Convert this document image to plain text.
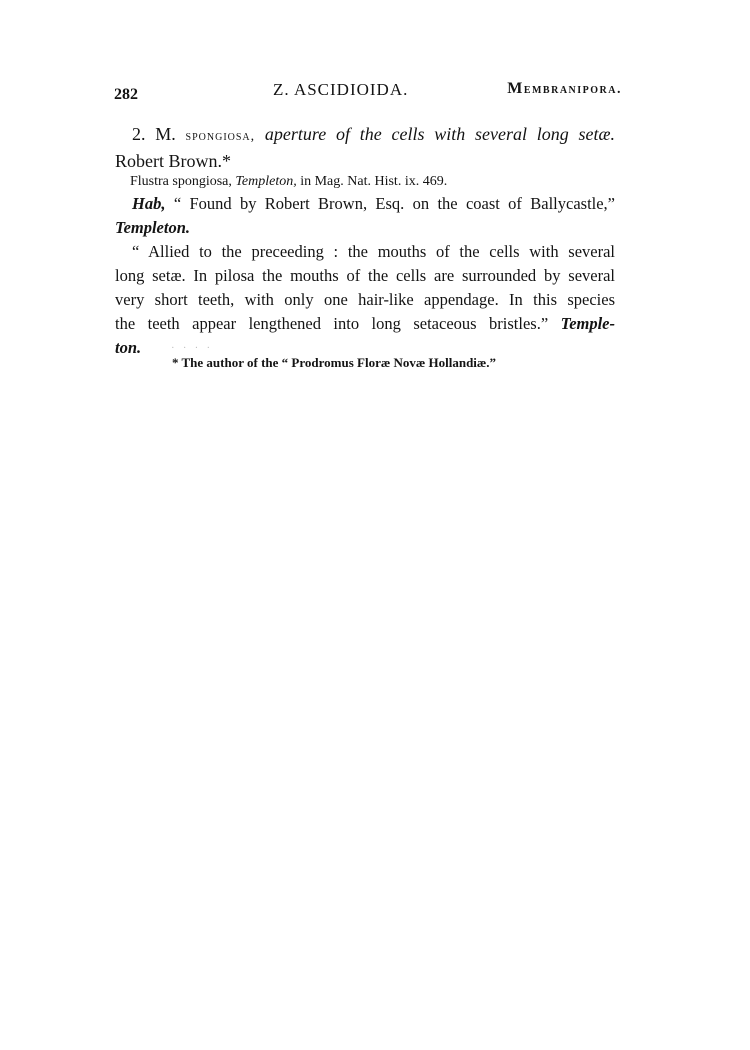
282	Z. ASCIDIOIDA.	Membranipora.

2. M. spongiosa, aperture of the cells with several long setæ.

Robert Brown.*

Flustra spongiosa, Templeton, in Mag. Nat. Hist. ix. 469.

Hab, “ Found by Robert Brown, Esq. on the coast of Ballycastle,”

Templeton.

“ Allied to the preceeding : the mouths of the cells with several

long setæ. In pilosa the mouths of the cells are surrounded by several

very short teeth, with only one hair-like appendage. In this species

the teeth appear lengthened into long setaceous bristles.” Temple-

ton.	· · · ·

* The author of the “ Prodromus Floræ Novæ Hollandiæ.”
